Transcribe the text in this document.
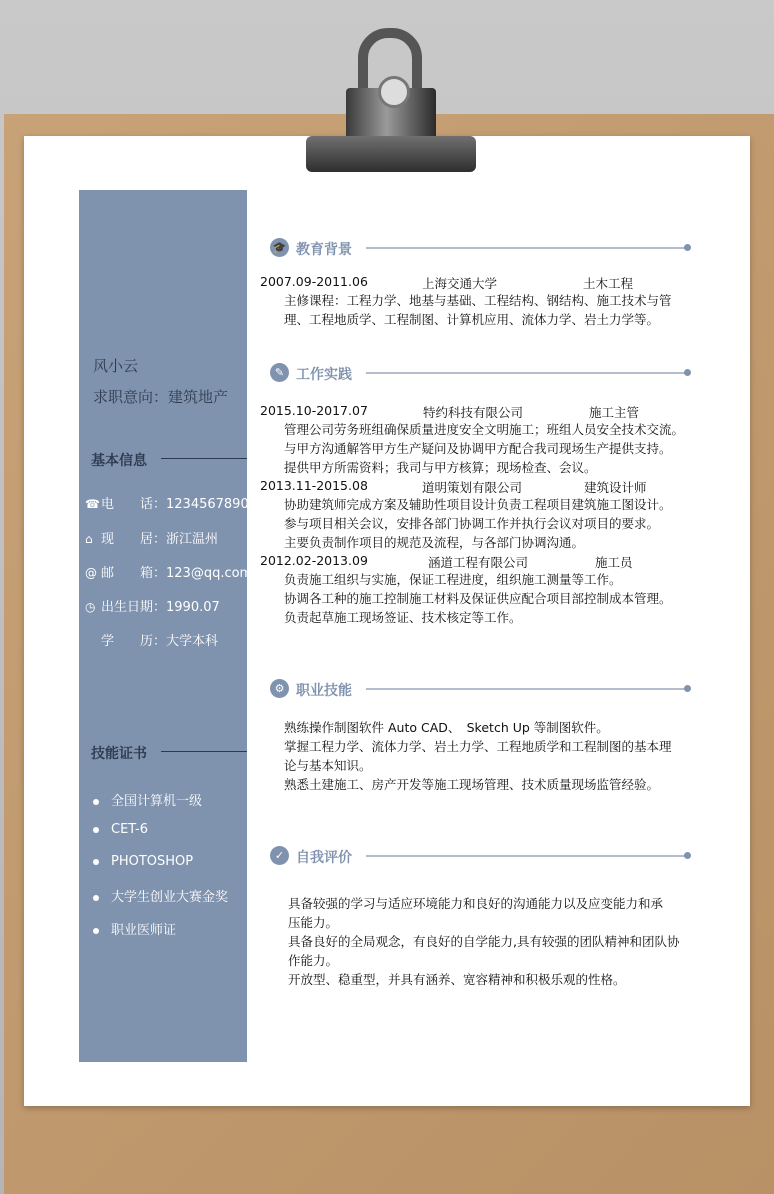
风小云
求职意向：建筑地产
基本信息
☎电　　话：1234567890
⌂ 现　　居：浙江温州
@ 邮　　箱：123@qq.com
◷ 出生日期：1990.07
学　　历：大学本科
技能证书
全国计算机一级
CET-6
PHOTOSHOP
大学生创业大赛金奖
职业医师证
🎓 教育背景
2007.09-2011.06	上海交通大学	土木工程
主修课程：工程力学、地基与基础、工程结构、钢结构、施工技术与管
理、工程地质学、工程制图、计算机应用、流体力学、岩土力学等。
✎ 工作实践
2015.10-2017.07	特约科技有限公司	施工主管
管理公司劳务班组确保质量进度安全文明施工；班组人员安全技术交流。
与甲方沟通解答甲方生产疑问及协调甲方配合我司现场生产提供支持。
提供甲方所需资料；我司与甲方核算；现场检查、会议。
2013.11-2015.08	道明策划有限公司	建筑设计师
协助建筑师完成方案及辅助性项目设计负责工程项目建筑施工图设计。
参与项目相关会议，安排各部门协调工作并执行会议对项目的要求。
主要负责制作项目的规范及流程，与各部门协调沟通。
2012.02-2013.09	涵道工程有限公司	施工员
负责施工组织与实施，保证工程进度，组织施工测量等工作。
协调各工种的施工控制施工材料及保证供应配合项目部控制成本管理。
负责起草施工现场签证、技术核定等工作。
⚙ 职业技能
熟练操作制图软件 Auto CAD、　Sketch Up 等制图软件。
掌握工程力学、流体力学、岩土力学、工程地质学和工程制图的基本理
论与基本知识。
熟悉土建施工、房产开发等施工现场管理、技术质量现场监管经验。
✓ 自我评价
具备较强的学习与适应环境能力和良好的沟通能力以及应变能力和承
压能力。
具备良好的全局观念，有良好的自学能力,具有较强的团队精神和团队协
作能力。
开放型、稳重型，并具有涵养、宽容精神和积极乐观的性格。
